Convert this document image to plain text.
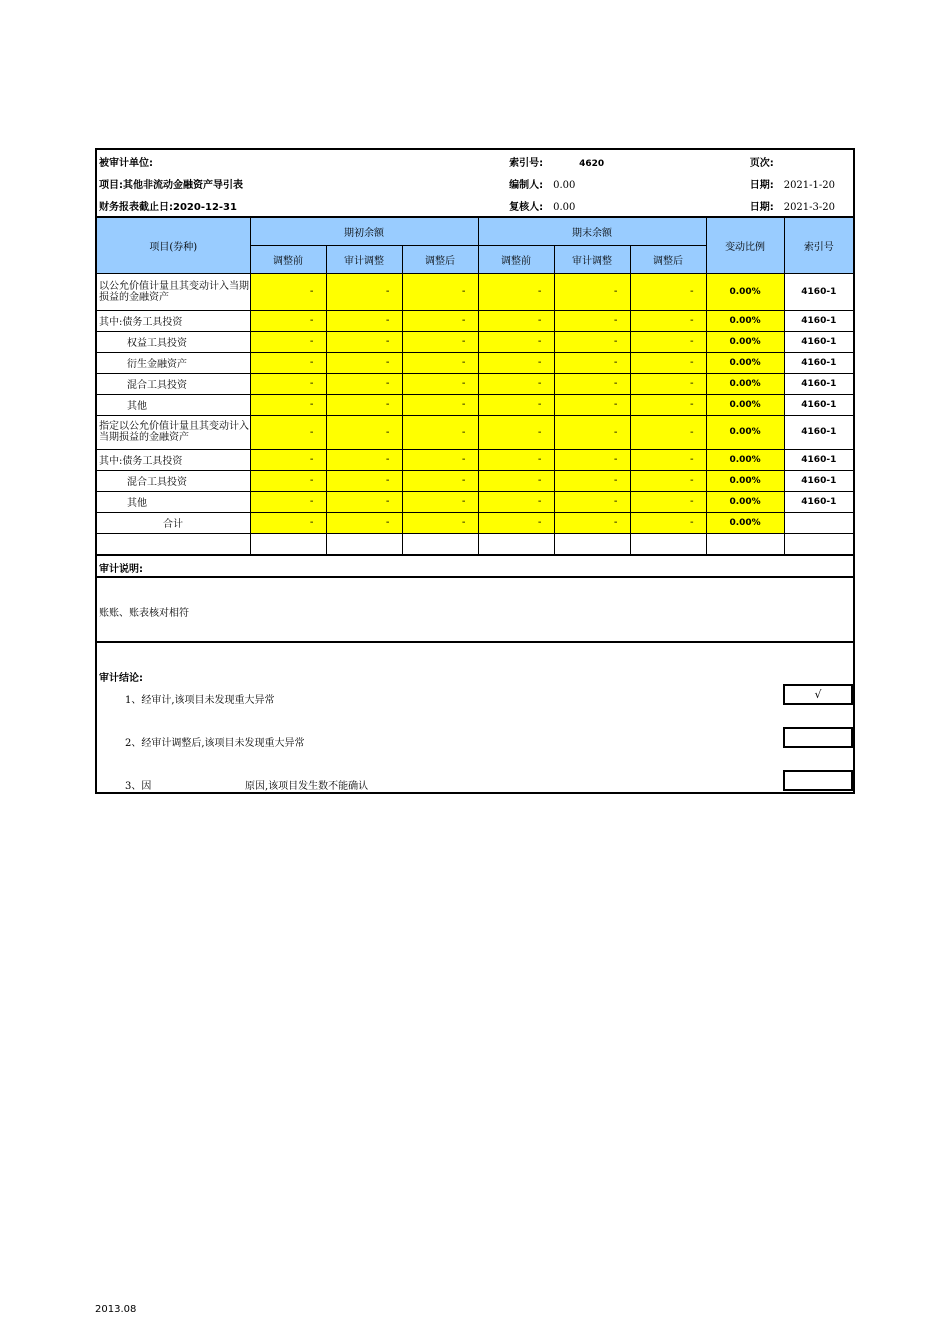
被审计单位:	索引号: 4620	页次:
项目:其他非流动金融资产导引表	编制人: 0.00	日期: 2021-1-20
财务报表截止日:2020-12-31	复核人: 0.00	日期: 2021-3-20
项目(券种)	期初余额			期末余额			变动比例	索引号
	调整前	审计调整	调整后	调整前	审计调整	调整后		
以公允价值计量且其变动计入当期损益的金融资产	-	-	-	-	-	-	0.00%	4160-1
其中:债务工具投资	-	-	-	-	-	-	0.00%	4160-1
权益工具投资	-	-	-	-	-	-	0.00%	4160-1
衍生金融资产	-	-	-	-	-	-	0.00%	4160-1
混合工具投资	-	-	-	-	-	-	0.00%	4160-1
其他	-	-	-	-	-	-	0.00%	4160-1
指定以公允价值计量且其变动计入当期损益的金融资产	-	-	-	-	-	-	0.00%	4160-1
其中:债务工具投资	-	-	-	-	-	-	0.00%	4160-1
混合工具投资	-	-	-	-	-	-	0.00%	4160-1
其他	-	-	-	-	-	-	0.00%	4160-1
合计	-	-	-	-	-	-	0.00%	

审计说明:
账账、账表核对相符
审计结论:
1、经审计,该项目未发现重大异常	√
2、经审计调整后,该项目未发现重大异常
3、因	原因,该项目发生数不能确认
2013.08
